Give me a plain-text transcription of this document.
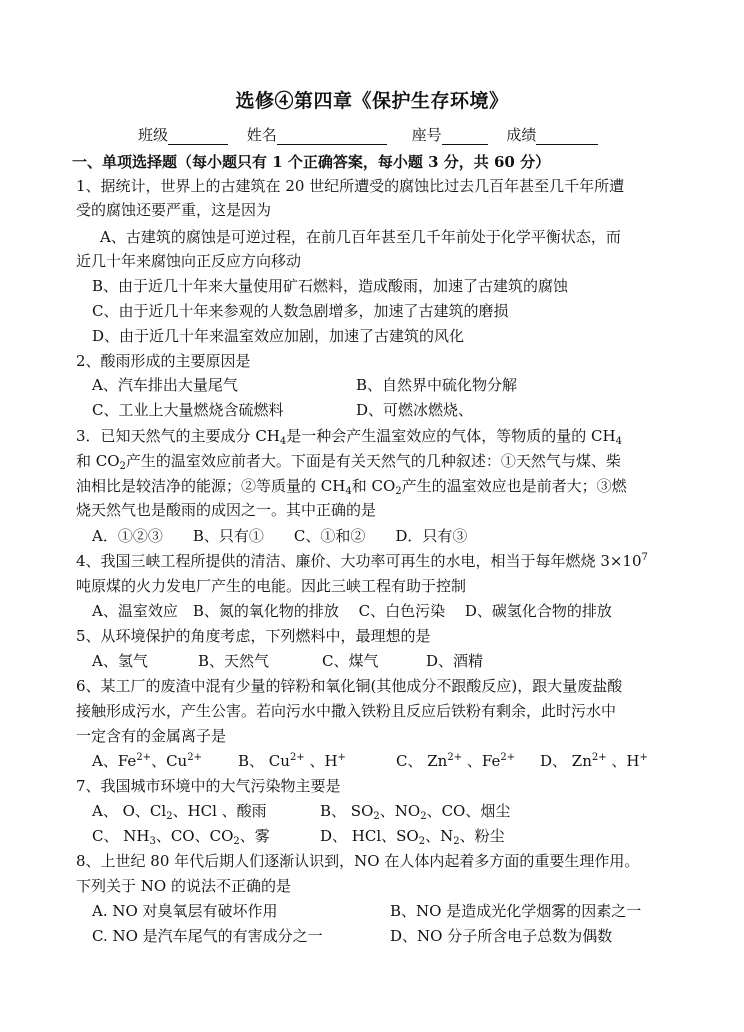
选修④第四章《保护生存环境》
班级	姓名	座号	成绩
一、单项选择题（每小题只有 1 个正确答案，每小题 3 分，共 60 分）
1、据统计，世界上的古建筑在 20 世纪所遭受的腐蚀比过去几百年甚至几千年所遭
受的腐蚀还要严重，这是因为
A、古建筑的腐蚀是可逆过程，在前几百年甚至几千年前处于化学平衡状态，而
近几十年来腐蚀向正反应方向移动
B、由于近几十年来大量使用矿石燃料，造成酸雨，加速了古建筑的腐蚀
C、由于近几十年来参观的人数急剧增多，加速了古建筑的磨损
D、由于近几十年来温室效应加剧，加速了古建筑的风化
2、酸雨形成的主要原因是
A、汽车排出大量尾气	B、自然界中硫化物分解
C、工业上大量燃烧含硫燃料	D、可燃冰燃烧、
3．已知天然气的主要成分 $CH_4$是一种会产生温室效应的气体，等物质的量的 $CH_4$
和 $CO_2$产生的温室效应前者大。下面是有关天然气的几种叙述：①天然气与煤、柴
油相比是较洁净的能源；②等质量的 $CH_4$和 $CO_2$产生的温室效应也是前者大；③燃
烧天然气也是酸雨的成因之一。其中正确的是
A．①②③　　B、只有①　　C、①和②　　D．只有③
4、我国三峡工程所提供的清洁、廉价、大功率可再生的水电，相当于每年燃烧 $3\times 10^7$
吨原煤的火力发电厂产生的电能。因此三峡工程有助于控制
A、温室效应　B、氮的氧化物的排放　 C、白色污染　 D、碳氢化合物的排放
5、从环境保护的角度考虑，下列燃料中，最理想的是
A、氢气	B、天然气	C、煤气	D、酒精
6、某工厂的废渣中混有少量的锌粉和氧化铜(其他成分不跟酸反应)，跟大量废盐酸
接触形成污水，产生公害。若向污水中撒入铁粉且反应后铁粉有剩余，此时污水中
一定含有的金属离子是
A、$Fe^{2+}$、$Cu^{2+}$ B、 $Cu^{2+}$ 、H+	C、 $Zn^{2+}$ 、$Fe^{2+}$ D、 $Zn^{2+}$ 、H+
7、我国城市环境中的大气污染物主要是
A、 O、$Cl_2$、HCl 、酸雨	B、 $SO_2$、$NO_2$、CO、烟尘
C、 $NH_3$、CO、$CO_2$、雾	D、 HCl、$SO_2$、$N_2$、粉尘
8、上世纪 80 年代后期人们逐渐认识到，NO 在人体内起着多方面的重要生理作用。
下列关于 NO 的说法不正确的是
A. NO 对臭氧层有破坏作用	B、NO 是造成光化学烟雾的因素之一
C. NO 是汽车尾气的有害成分之一	D、NO 分子所含电子总数为偶数
